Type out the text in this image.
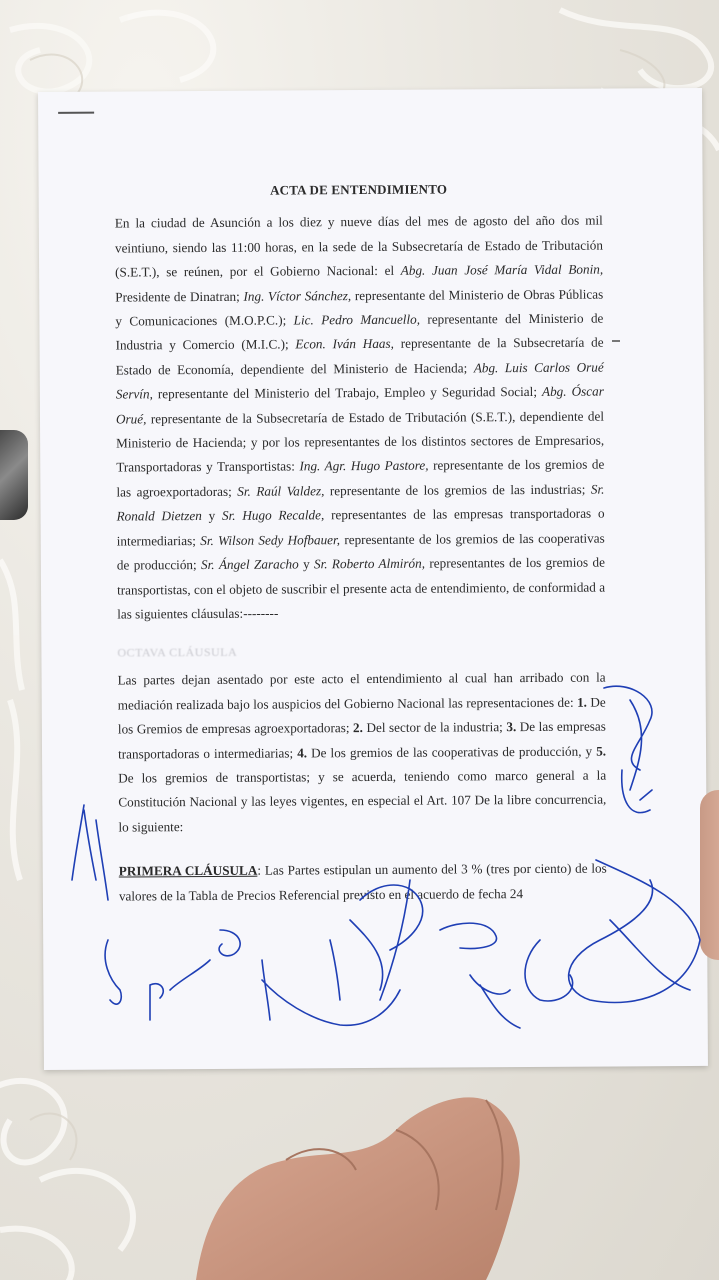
ACTA DE ENTENDIMIENTO

En la ciudad de Asunción a los diez y nueve días del mes de agosto del año dos mil veintiuno, siendo las 11:00 horas, en la sede de la Subsecretaría de Estado de Tributación (S.E.T.), se reúnen, por el Gobierno Nacional: el Abg. Juan José María Vidal Bonin, Presidente de Dinatran; Ing. Víctor Sánchez, representante del Ministerio de Obras Públicas y Comunicaciones (M.O.P.C.); Lic. Pedro Mancuello, representante del Ministerio de Industria y Comercio (M.I.C.); Econ. Iván Haas, representante de la Subsecretaría de Estado de Economía, dependiente del Ministerio de Hacienda; Abg. Luis Carlos Orué Servín, representante del Ministerio del Trabajo, Empleo y Seguridad Social; Abg. Óscar Orué, representante de la Subsecretaría de Estado de Tributación (S.E.T.), dependiente del Ministerio de Hacienda; y por los representantes de los distintos sectores de Empresarios, Transportadoras y Transportistas: Ing. Agr. Hugo Pastore, representante de los gremios de las agroexportadoras; Sr. Raúl Valdez, representante de los gremios de las industrias; Sr. Ronald Dietzen y Sr. Hugo Recalde, representantes de las empresas transportadoras o intermediarias; Sr. Wilson Sedy Hofbauer, representante de los gremios de las cooperativas de producción; Sr. Ángel Zaracho y Sr. Roberto Almirón, representantes de los gremios de transportistas, con el objeto de suscribir el presente acta de entendimiento, de conformidad a las siguientes cláusulas:--------

OCTAVA CLÁUSULA

Las partes dejan asentado por este acto el entendimiento al cual han arribado con la mediación realizada bajo los auspicios del Gobierno Nacional las representaciones de: 1. De los Gremios de empresas agroexportadoras; 2. Del sector de la industria; 3. De las empresas transportadoras o intermediarias; 4. De los gremios de las cooperativas de producción, y 5. De los gremios de transportistas; y se acuerda, teniendo como marco general a la Constitución Nacional y las leyes vigentes, en especial el Art. 107 De la libre concurrencia, lo siguiente:

PRIMERA CLÁUSULA: Las Partes estipulan un aumento del 3 % (tres por ciento) de los valores de la Tabla de Precios Referencial previsto en el acuerdo de fecha 24
